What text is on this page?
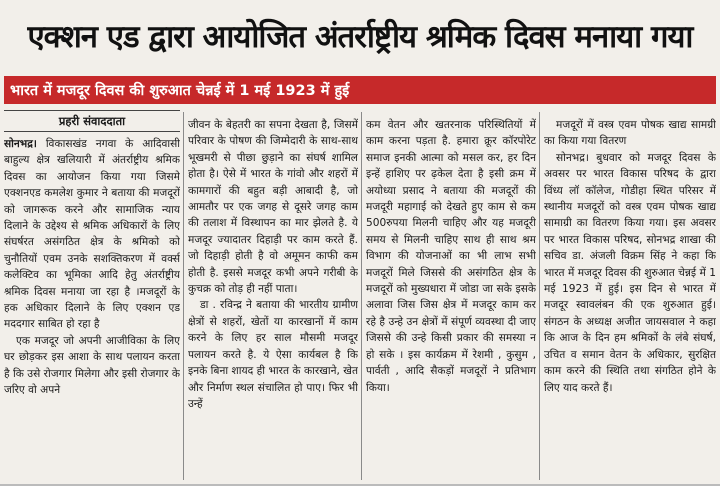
एक्शन एड द्वारा आयोजित अंतर्राष्ट्रीय श्रमिक दिवस मनाया गया
भारत में मजदूर दिवस की शुरुआत चेन्नई में 1 मई 1923 में हुई
प्रहरी संवाददाता

सोनभद्र। विकासखंड नगवा के आदिवासी बाहुल्य क्षेत्र खलियारी में अंतर्राष्ट्रीय श्रमिक दिवस का आयोजन किया गया जिसमे एक्शनएड कमलेश कुमार ने बताया की मजदूरों को जागरूक करने और सामाजिक न्याय दिलाने के उद्देश्य से श्रमिक अधिकारों के लिए संघर्षरत असंगठित क्षेत्र के श्रमिको को चुनौतियों एवम उनके सशक्तिकरण में वर्क्स कलेक्टिव का भूमिका आदि हेतु अंतर्राष्ट्रीय श्रमिक दिवस मनाया जा रहा है ।मजदूरों के हक अधिकार दिलाने के लिए एक्शन एड मददगार साबित हो रहा है

एक मजदूर जो अपनी आजीविका के लिए घर छोड़कर इस आशा के साथ पलायन करता है कि उसे रोजगार मिलेगा और इसी रोजगार के जरिए वो अपने

जीवन के बेहतरी का सपना देखता है, जिसमें परिवार के पोषण की जिम्मेदारी के साथ-साथ भूखमरी से पीछा छुड़ाने का संघर्ष शामिल होता है। ऐसे में भारत के गांवो और शहरों में कामगारों की बहुत बड़ी आबादी है, जो आमतौर पर एक जगह से दूसरे जगह काम की तलाश में विस्थापन का मार झेलते है. ये मजदूर ज्यादातर दिहाड़ी पर काम करते हैं. जो दिहाड़ी होती है वो अमूमन काफी कम होती है. इससे मजदूर कभी अपने गरीबी के कुचक्र को तोड़ ही नहीं पाता।

डा . रविन्द्र ने बताया की भारतीय ग्रामीण क्षेत्रों से शहरों, खेतों या कारखानों में काम करने के लिए हर साल मौसमी मजदूर पलायन करते है. ये ऐसा कार्यबल है कि इनके बिना शायद ही भारत के कारखाने, खेत और निर्माण स्थल संचालित हो पाए। फिर भी उन्हें

कम वेतन और खतरनाक परिस्थितियों में काम करना पड़ता है. हमारा क्रूर कॉरपोरेट समाज इनकी आत्मा को मसल कर, हर दिन इन्हें हाशिए पर ढ़केल देता है इसी क्रम में अयोध्या प्रसाद ने बताया की मजदूरों की मजदूरी महागाई को देखते हुए काम से कम 500रुपया मिलनी चाहिए और यह मजदूरी समय से मिलनी चाहिए साथ ही साथ श्रम विभाग की योजनाओं का भी लाभ सभी मजदूरों मिले जिससे की असंगठित क्षेत्र के मजदूरों को मुख्यधारा में जोडा जा सके इसके अलावा जिस जिस क्षेत्र में मजदूर काम कर रहे है उन्हे उन क्षेत्रों में संपूर्ण व्यवस्था दी जाए जिससे की उन्हे किसी प्रकार की समस्या न हो सके । इस कार्यक्रम में रेशमी , कुसुम , पार्वती , आदि सैकड़ों मजदूरों ने प्रतिभाग किया।

मजदूरों में वस्त्र एवम पोषक खाद्य सामग्री का किया गया वितरण

सोनभद्र। बुधवार को मजदूर दिवस के अवसर पर भारत विकास परिषद के द्वारा विंध्य लॉ कॉलेज, गोडीहा स्थित परिसर में स्थानीय मजदूरों को वस्त्र एवम पोषक खाद्य सामाग्री का वितरण किया गया। इस अवसर पर भारत विकास परिषद, सोनभद्र शाखा की सचिव डा. अंजली विक्रम सिंह ने कहा कि भारत में मजदूर दिवस की शुरुआत चेन्नई में 1 मई 1923 में हुई। इस दिन से भारत में मजदूर स्वावलंबन की एक शुरुआत हुई। संगठन के अध्यक्ष अजीत जायसवाल ने कहा कि आज के दिन हम श्रमिकों के लंबे संघर्ष, उचित व समान वेतन के अधिकार, सुरक्षित काम करने की स्थिति तथा संगठित होने के लिए याद करते हैं।
